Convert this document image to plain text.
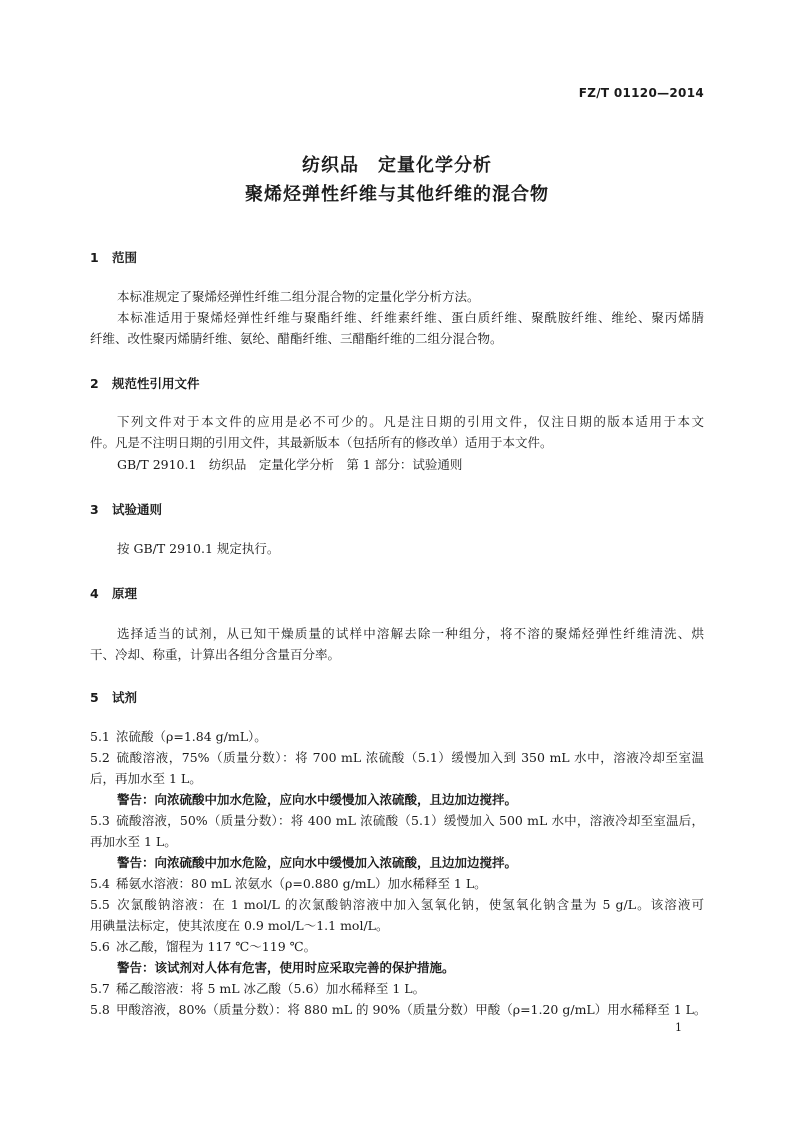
FZ/T 01120—2014
纺织品　定量化学分析
聚烯烃弹性纤维与其他纤维的混合物
1 范围
本标准规定了聚烯烃弹性纤维二组分混合物的定量化学分析方法。
本标准适用于聚烯烃弹性纤维与聚酯纤维、纤维素纤维、蛋白质纤维、聚酰胺纤维、维纶、聚丙烯腈
纤维、改性聚丙烯腈纤维、氨纶、醋酯纤维、三醋酯纤维的二组分混合物。
2 规范性引用文件
下列文件对于本文件的应用是必不可少的。凡是注日期的引用文件，仅注日期的版本适用于本文
件。凡是不注明日期的引用文件，其最新版本（包括所有的修改单）适用于本文件。
GB/T 2910.1　纺织品　定量化学分析　第 1 部分：试验通则
3 试验通则
按 GB/T 2910.1 规定执行。
4 原理
选择适当的试剂，从已知干燥质量的试样中溶解去除一种组分，将不溶的聚烯烃弹性纤维清洗、烘
干、冷却、称重，计算出各组分含量百分率。
5 试剂
5.1 浓硫酸（ρ=1.84 g/mL）。
5.2 硫酸溶液，75%（质量分数）：将 700 mL 浓硫酸（5.1）缓慢加入到 350 mL 水中，溶液冷却至室温
后，再加水至 1 L。
警告：向浓硫酸中加水危险，应向水中缓慢加入浓硫酸，且边加边搅拌。
5.3 硫酸溶液，50%（质量分数）：将 400 mL 浓硫酸（5.1）缓慢加入 500 mL 水中，溶液冷却至室温后，
再加水至 1 L。
警告：向浓硫酸中加水危险，应向水中缓慢加入浓硫酸，且边加边搅拌。
5.4 稀氨水溶液：80 mL 浓氨水（ρ=0.880 g/mL）加水稀释至 1 L。
5.5 次氯酸钠溶液：在 1 mol/L 的次氯酸钠溶液中加入氢氧化钠，使氢氧化钠含量为 5 g/L。该溶液可
用碘量法标定，使其浓度在 0.9 mol/L～1.1 mol/L。
5.6 冰乙酸，馏程为 117 ℃～119 ℃。
警告：该试剂对人体有危害，使用时应采取完善的保护措施。
5.7 稀乙酸溶液：将 5 mL 冰乙酸（5.6）加水稀释至 1 L。
5.8 甲酸溶液，80%（质量分数）：将 880 mL 的 90%（质量分数）甲酸（ρ=1.20 g/mL）用水稀释至 1 L。
1
